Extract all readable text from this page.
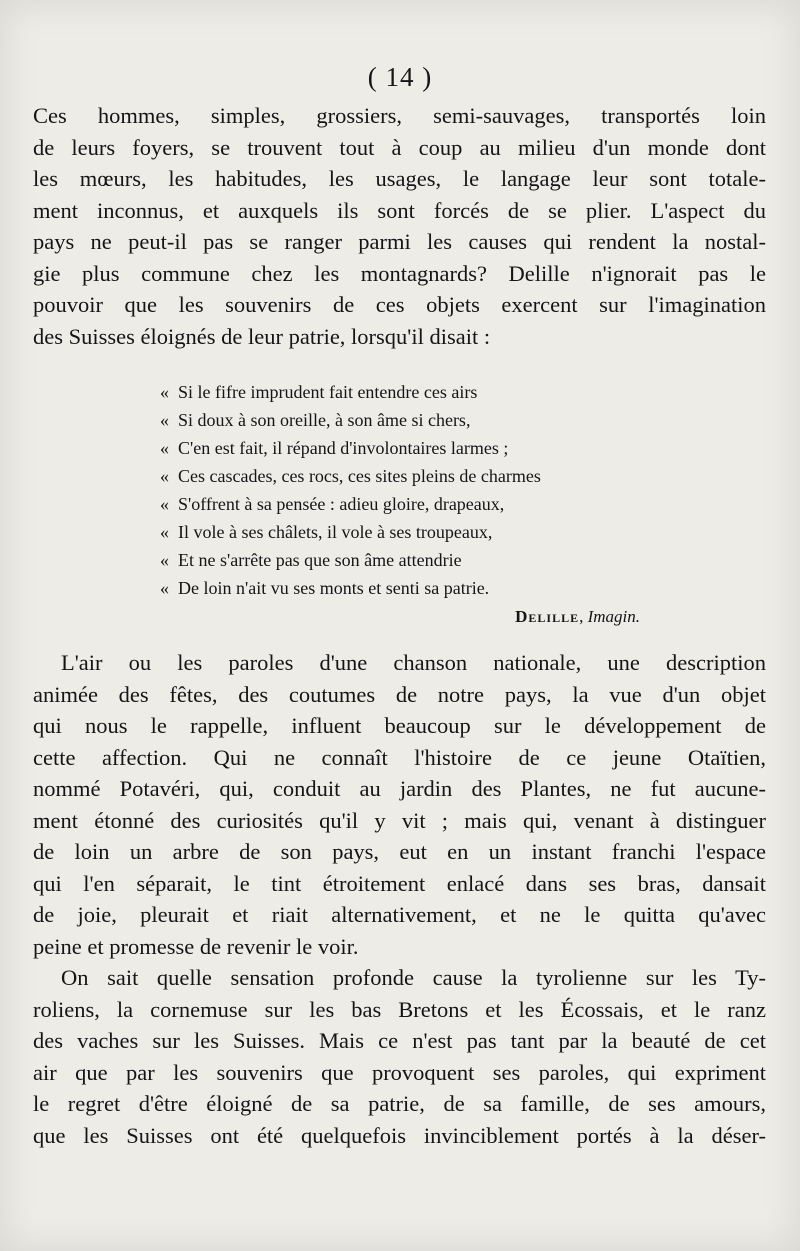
( 14 )
Ces hommes, simples, grossiers, semi-sauvages, transportés loin
de leurs foyers, se trouvent tout à coup au milieu d'un monde dont
les mœurs, les habitudes, les usages, le langage leur sont totale-
ment inconnus, et auxquels ils sont forcés de se plier. L'aspect du
pays ne peut-il pas se ranger parmi les causes qui rendent la nostal-
gie plus commune chez les montagnards? Delille n'ignorait pas le
pouvoir que les souvenirs de ces objets exercent sur l'imagination
des Suisses éloignés de leur patrie, lorsqu'il disait :
« Si le fifre imprudent fait entendre ces airs
« Si doux à son oreille, à son âme si chers,
« C'en est fait, il répand d'involontaires larmes ;
« Ces cascades, ces rocs, ces sites pleins de charmes
« S'offrent à sa pensée : adieu gloire, drapeaux,
« Il vole à ses châlets, il vole à ses troupeaux,
« Et ne s'arrête pas que son âme attendrie
« De loin n'ait vu ses monts et senti sa patrie.
Delille, Imagin.
L'air ou les paroles d'une chanson nationale, une description
animée des fêtes, des coutumes de notre pays, la vue d'un objet
qui nous le rappelle, influent beaucoup sur le développement de
cette affection. Qui ne connaît l'histoire de ce jeune Otaïtien,
nommé Potavéri, qui, conduit au jardin des Plantes, ne fut aucune-
ment étonné des curiosités qu'il y vit ; mais qui, venant à distinguer
de loin un arbre de son pays, eut en un instant franchi l'espace
qui l'en séparait, le tint étroitement enlacé dans ses bras, dansait
de joie, pleurait et riait alternativement, et ne le quitta qu'avec
peine et promesse de revenir le voir.
On sait quelle sensation profonde cause la tyrolienne sur les Ty-
roliens, la cornemuse sur les bas Bretons et les Écossais, et le ranz
des vaches sur les Suisses. Mais ce n'est pas tant par la beauté de cet
air que par les souvenirs que provoquent ses paroles, qui expriment
le regret d'être éloigné de sa patrie, de sa famille, de ses amours,
que les Suisses ont été quelquefois invinciblement portés à la déser-
